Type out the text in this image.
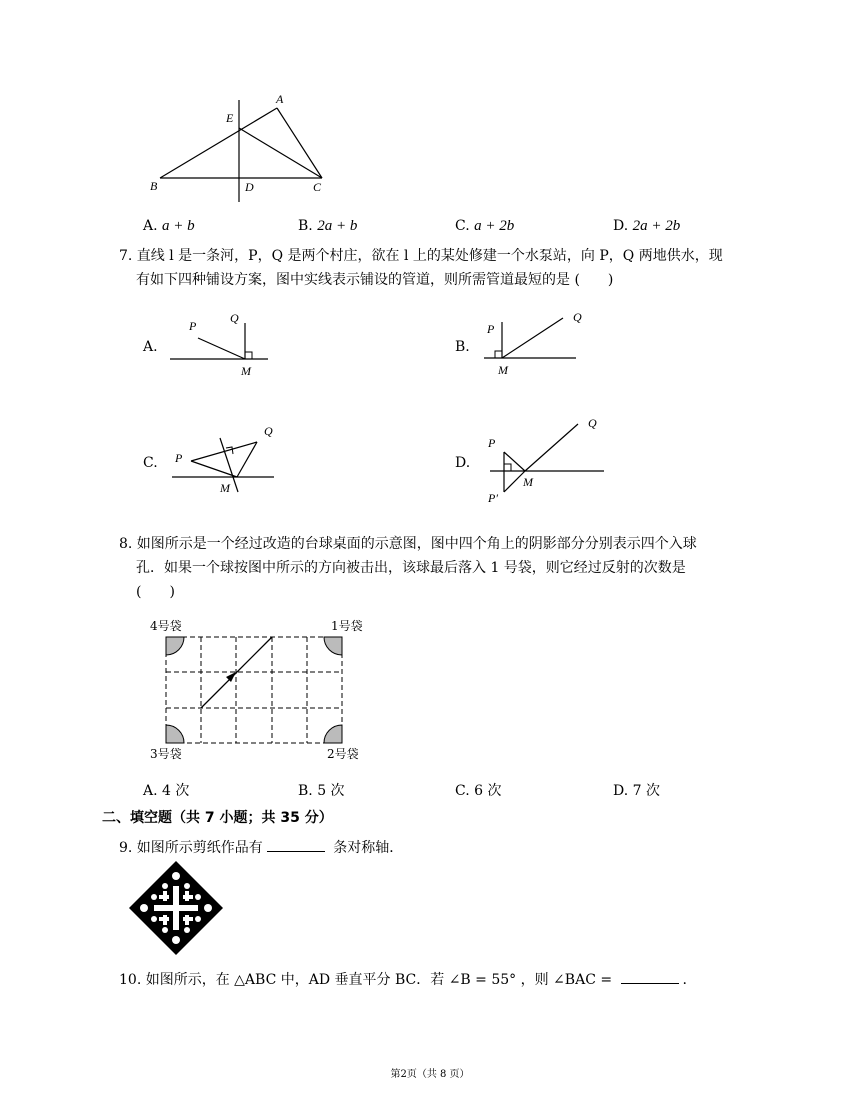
A
E
B	D	C
A. a + b	B. 2a + b	C. a + 2b	D. 2a + 2b
7. 直线 l 是一条河，P，Q 是两个村庄，欲在 l 上的某处修建一个水泵站，向 P，Q 两地供水，现
有如下四种铺设方案，图中实线表示铺设的管道，则所需管道最短的是 (　　)
A.
P
Q
M
B.
P
Q
M
C. P
Q
M
D.
P
Q
M
P′
8. 如图所示是一个经过改造的台球桌面的示意图，图中四个角上的阴影部分分别表示四个入球
孔．如果一个球按图中所示的方向被击出，该球最后落入 1 号袋，则它经过反射的次数是
(　　)
4号袋	1号袋
3号袋	2号袋
A. 4 次	B. 5 次	C. 6 次	D. 7 次
二、填空题（共 7 小题；共 35 分）
9. 如图所示剪纸作品有	条对称轴．
10. 如图所示，在 △ABC 中，AD 垂直平分 BC．若 ∠B = 55° ，则 ∠BAC =	.
第2页（共 8 页）
